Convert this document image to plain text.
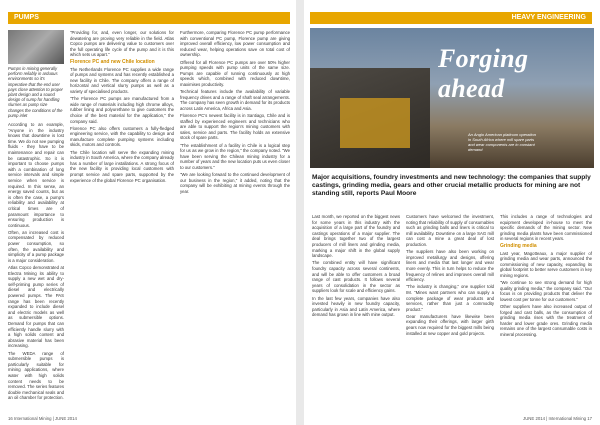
PUMPS
Pumps in mining generally perform reliably in arduous environments so it's imperative that the end user pays close attention to proper plant design and a sound design of sump for handling slurries as pump size changes the conditions of the pump inlet

According to an example, "Anyone in the industry knows that downtime is lost time. We do not see pumping fluids - they have to be maintenance and repair can be catastrophic. So it is important to choose pumps with a combination of long service intervals and simple service when service is required. In this sense, an energy saved counts, but as is often the case, a pump's reliability and availability at critical times are of paramount importance to ensuring production is continuous.

Often, an increased cost is compensated by reduced power consumption, so often, the availability and simplicity of a pump package is a major consideration.

Atlas Copco demonstrated at Electra Mining its ability to supply a new wet and dry-self-priming pump series of diesel and electrically powered pumps. The PAS range has been recently expanded to include diesel and electric models as well as submersible options. Demand for pumps that can efficiently handle slurry with a high solids content and abrasive material has been increasing.

The WEDA range of submersible pumps is particularly suitable for mining applications, where water with high solids content needs to be removed. The series features double mechanical seals and an oil chamber for protection.

"Providing for, and, even longer, our solutions for dewatering are proving very reliable in the field. Atlas Copco pumps are delivering value to customers over the full operating life cycle of the pump and it is this which sets us apart."

Florence PC and new Chile location

The Netherlands Florence PC supplies a wide range of pumps and systems and has recently established a new facility in Chile. The company offers a range of horizontal and vertical slurry pumps as well as a variety of specialised products.

"The Florence PC pumps are manufactured from a wide range of materials including high chrome alloys, rubber lining and polyurethane to give customers the choice of the best material for the application," the company said.

Florence PC also offers customers a fully-fledged engineering service, with the capability to design and manufacture complete pumping systems including skids, motors and controls.

The Chile location will serve the expanding mining industry in South America, where the company already has a number of large installations. A strong focus of the new facility is providing local customers with prompt service and spare parts, supported by the experience of the global Florence PC organisation.

Furthermore, comparing Florence PC pump performance with conventional PC pump, Florence pump are giving improved overall efficiency, low power consumption and reduced wear, helping operations save on total cost of ownership.

Offered for all Florence PC pumps are over 50% higher pumping speeds with pump units of the same size. Pumps are capable of running continuously at high speeds which, combined with reduced downtime, maximises productivity.

Technical features include the availability of variable frequency drives and a range of shaft seal arrangements. The company has seen growth in demand for its products across Latin America, Africa and Asia.

Florence PC's newest facility is in Santiago, Chile and is staffed by experienced engineers and technicians who are able to support the region's mining customers with sales, service and parts. The facility holds an extensive stock of spare parts.

"The establishment of a facility in Chile is a logical step for us as we grow in the region," the company noted. "We have been serving the Chilean mining industry for a number of years and the new location puts us even closer to our customers."

"We are looking forward to the continued development of our business in the region," it added, noting that the company will be exhibiting at mining events through the year.

16 International Mining | JUNE 2014
HEAVY ENGINEERING
Forging ahead
An Anglo American platinum operation in South Africa where mill spare parts and wear components are in constant demand
Major acquisitions, foundry investments and new technology: the companies that supply castings, grinding media, gears and other crucial metallic products for mining are not standing still, reports Paul Moore

Last month, we reported on the biggest news for some years in this industry with the acquisition of a large part of the foundry and castings operations of a major supplier. The deal brings together two of the largest producers of mill liners and grinding media, marking a major shift in the global supply landscape.

The combined entity will have significant foundry capacity across several continents, and will be able to offer customers a broad range of cast products. It follows several years of consolidation in the sector as suppliers look for scale and efficiency gains.

In the last few years, companies have also invested heavily in new foundry capacity, particularly in Asia and Latin America, where demand has grown in line with mine output.

Customers have welcomed the investment, noting that reliability of supply of consumables such as grinding balls and liners is critical to mill availability. Downtime on a large SAG mill can cost a mine a great deal of lost production.

The suppliers have also been working on improved metallurgy and designs, offering liners and media that last longer and wear more evenly. This in turn helps to reduce the frequency of relines and improves overall mill efficiency.

"The industry is changing," one supplier told IM. "Mines want partners who can supply a complete package of wear products and services, rather than just a commodity product."

Gear manufacturers have likewise been expanding their offerings, with larger girth gears now required for the biggest mills being installed at new copper and gold projects.

This includes a range of technologies and equipment developed in-house to meet the specific demands of the mining sector. New grinding media plants have been commissioned in several regions in recent years.

Grinding media

Last year, Magotteaux, a major supplier of grinding media and wear parts, announced the commissioning of new capacity, expanding its global footprint to better serve customers in key mining regions.

"We continue to see strong demand for high quality grinding media," the company said. "Our focus is on providing products that deliver the lowest cost per tonne for our customers."

Other suppliers have also increased output of forged and cast balls, as the consumption of grinding media rises with the treatment of harder and lower grade ores. Grinding media remains one of the largest consumable costs in mineral processing.

JUNE 2014 | International Mining 17
